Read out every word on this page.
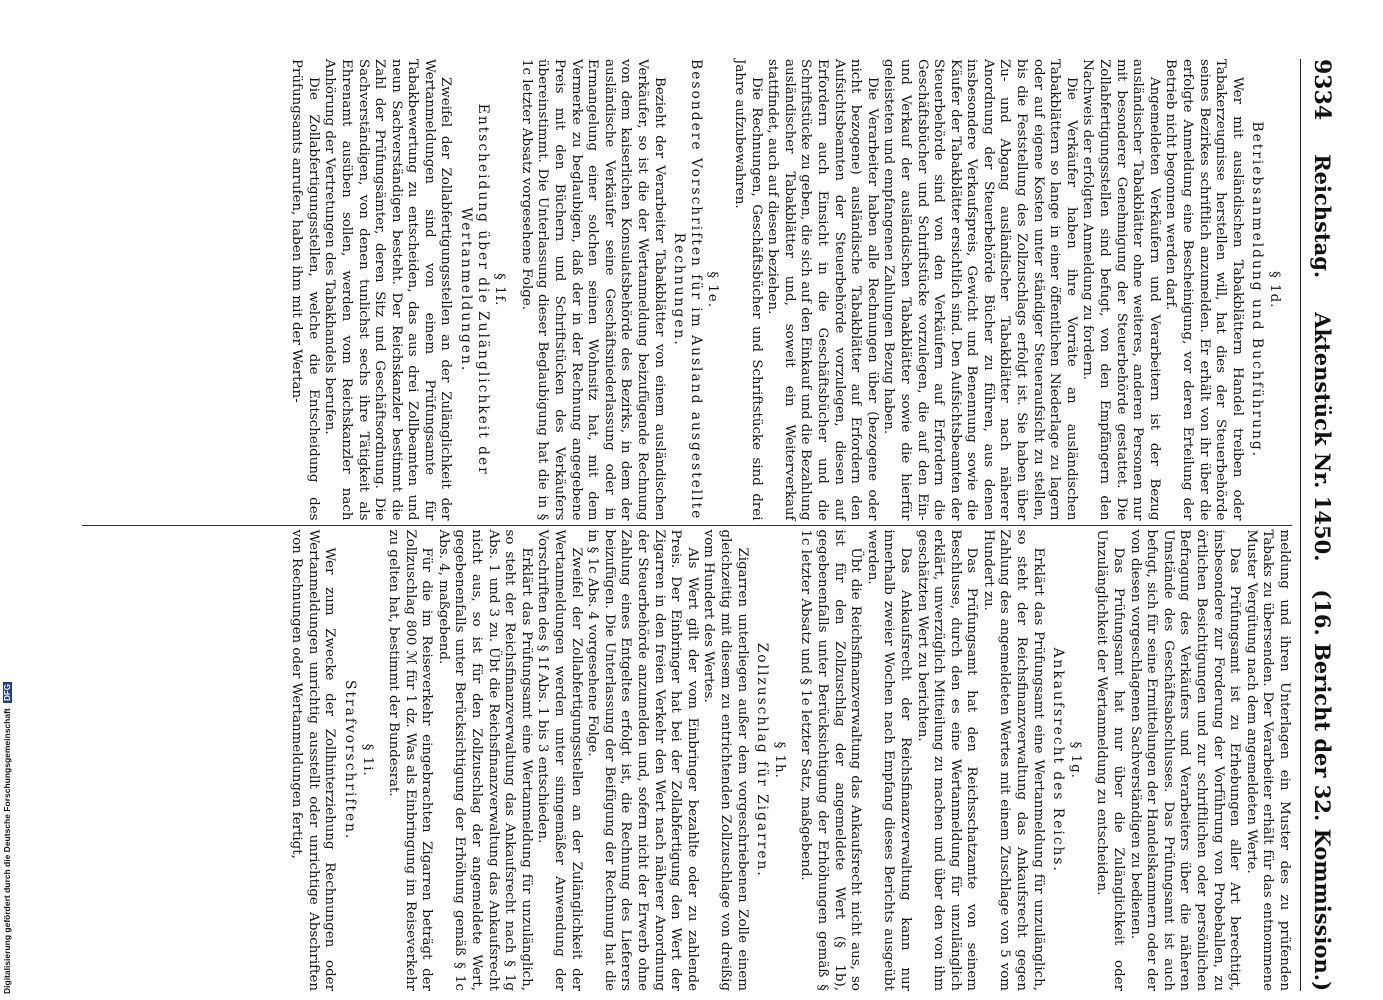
9334
Reichstag.
Aktenstück Nr. 1450.
(16. Bericht der 32. Kommission.)

§ 1d.

Betriebsanmeldung und Buchführung.

Wer mit ausländischen Tabakblättern Handel treiben oder Tabakerzeugnisse herstellen will, hat dies der Steuerbehörde seines Bezirkes schriftlich anzumelden. Er erhält von ihr über die erfolgte Anmeldung eine Bescheinigung, vor deren Erteilung der Betrieb nicht begonnen werden darf.

Angemeldeten Verkäufern und Verarbeitern ist der Bezug ausländischer Tabakblätter ohne weiteres, anderen Personen nur mit besonderer Genehmigung der Steuerbehörde gestattet. Die Zollabfertigungsstellen sind befugt, von den Empfängern den Nachweis der erfolgten Anmeldung zu fordern.

Die Verkäufer haben ihre Vorräte an ausländischen Tabakblättern so lange in einer öffentlichen Niederlage zu lagern oder auf eigene Kosten unter ständiger Steueraufsicht zu stellen, bis die Feststellung des Zollzuschlags erfolgt ist. Sie haben über Zu- und Abgang ausländischer Tabakblätter nach näherer Anordnung der Steuerbehörde Bücher zu führen, aus denen insbesondere Verkaufspreis, Gewicht und Benennung sowie die Käufer der Tabakblätter ersichtlich sind. Den Aufsichtsbeamten der Steuerbehörde sind von den Verkäufern auf Erfordern die Geschäftsbücher und Schriftstücke vorzulegen, die auf den Ein- und Verkauf der ausländischen Tabakblätter sowie die hierfür geleisteten und empfangenen Zahlungen Bezug haben.

Die Verarbeiter haben alle Rechnungen über (bezogene oder nicht bezogene) ausländische Tabakblätter auf Erfordern den Aufsichtsbeamten der Steuerbehörde vorzulegen, diesen auf Erfordern auch Einsicht in die Geschäftsbücher und die Schriftstücke zu geben, die sich auf den Einkauf und die Bezahlung ausländischer Tabakblätter und, soweit ein Weiterverkauf stattfindet, auch auf diesen beziehen.

Die Rechnungen, Geschäftsbücher und Schriftstücke sind drei Jahre aufzubewahren.

§ 1e.

Besondere Vorschriften für im Ausland ausgestellte Rechnungen.

Bezieht der Verarbeiter Tabakblätter von einem ausländischen Verkäufer, so ist die der Wertanmeldung beizufügende Rechnung von dem kaiserlichen Konsulatsbehörde des Bezirks, in dem der ausländische Verkäufer seine Geschäftsniederlassung oder in Ermangelung einer solchen seinen Wohnsitz hat, mit dem Vermerke zu beglaubigen, daß der in der Rechnung angegebene Preis mit den Büchern und Schriftstücken des Verkäufers übereinstimmt. Die Unterlassung dieser Beglaubigung hat die in § 1c letzter Absatz vorgesehene Folge.

§ 1f.

Entscheidung über die Zulänglichkeit der Wertanmeldungen.

Zweifel der Zollabfertigungsstellen an der Zulänglichkeit der Wertanmeldungen sind von einem Prüfungsamte für Tabakbewertung zu entscheiden, das aus drei Zollbeamten und neun Sachverständigen besteht. Der Reichskanzler bestimmt die Zahl der Prüfungsämter, deren Sitz und Geschäftsordnung. Die Sachverständigen, von denen tunlichst sechs ihre Tätigkeit als Ehrenamt ausüben sollen, werden vom Reichskanzler nach Anhörung der Vertretungen des Tabakhandels berufen.

Die Zollabfertigungsstellen, welche die Entscheidung des Prüfungsamts anrufen, haben ihm mit der Wertan-

meldung und ihren Unterlagen ein Muster des zu prüfenden Tabaks zu übersenden. Der Verarbeiter erhält für das entnommene Muster Vergütung nach dem angemeldeten Werte.

Das Prüfungsamt ist zu Erhebungen aller Art berechtigt, insbesondere zur Forderung der Vorführung von Probeballen, zu örtlichen Besichtigungen und zur schriftlichen oder persönlichen Befragung des Verkäufers und Verarbeiters über die näheren Umstände des Geschäftsabschlusses. Das Prüfungsamt ist auch befugt, sich für seine Ermittelungen der Handelskammern oder der von diesen vorgeschlagenen Sachverständigen zu bedienen.

Das Prüfungsamt hat nur über die Zulänglichkeit oder Unzulänglichkeit der Wertanmeldung zu entscheiden.

§ 1g.

Ankaufsrecht des Reichs.

Erklärt das Prüfungsamt eine Wertanmeldung für unzulänglich, so steht der Reichsfinanzverwaltung das Ankaufsrecht gegen Zahlung des angemeldeten Wertes mit einem Zuschlage von 5 vom Hundert zu.

Das Prüfungsamt hat den Reichsschatzamte von seinem Beschlusse, durch den es eine Wertanmeldung für unzulänglich erklärt, unverzüglich Mitteilung zu machen und über den von ihm geschätzten Wert zu berichten.

Das Ankaufsrecht der Reichsfinanzverwaltung kann nur innerhalb zweier Wochen nach Empfang dieses Berichts ausgeübt werden.

Übt die Reichsfinanzverwaltung das Ankaufsrecht nicht aus, so ist für den Zollzuschlag der angemeldete Wert (§ 1b), gegebenenfalls unter Berücksichtigung der Erhöhungen gemäß § 1c letzter Absatz und § 1e letzter Satz, maßgebend.

§ 1h.

Zollzuschlag für Zigarren.

Zigarren unterliegen außer dem vorgeschriebenen Zolle einem gleichzeitig mit diesem zu entrichtenden Zollzuschlage von dreißig vom Hundert des Wertes.

Als Wert gilt der vom Einbringer bezahlte oder zu zahlende Preis. Der Einbringer hat bei der Zollabfertigung den Wert der Zigarren in den freien Verkehr den Wert nach näherer Anordnung der Steuerbehörde anzumelden und, sofern nicht der Erwerb ohne Zahlung eines Entgeltes erfolgt ist, die Rechnung des Lieferers beizufügen. Die Unterlassung der Beifügung der Rechnung hat die in § 1c Abs. 4 vorgesehene Folge.

Zweifel der Zollabfertigungsstellen an der Zulänglichkeit der Wertanmeldungen werden unter sinngemäßer Anwendung der Vorschriften des § 1f Abs. 1 bis 3 entschieden.

Erklärt das Prüfungsamt eine Wertanmeldung für unzulänglich, so steht der Reichsfinanzverwaltung das Ankaufsrecht nach § 1g Abs. 1 und 3 zu. Übt die Reichsfinanzverwaltung das Ankaufsrecht nicht aus, so ist für den Zollzuschlag der angemeldete Wert, gegebenenfalls unter Berücksichtigung der Erhöhung gemäß § 1c Abs. 4, maßgebend.

Für die im Reiseverkehr eingebrachten Zigarren beträgt der Zollzuschlag 800 ℳ für 1 dz. Was als Einbringung im Reiseverkehr zu gelten hat, bestimmt der Bundesrat.

§ 1i.

Strafvorschriften.

Wer zum Zwecke der Zollhinterziehung Rechnungen oder Wertanmeldungen unrichtig ausstellt oder unrichtige Abschriften von Rechnungen oder Wertanmeldungen fertigt,

Digitalisierung gefördert durch die Deutsche Forschungsgemeinschaft DFG
